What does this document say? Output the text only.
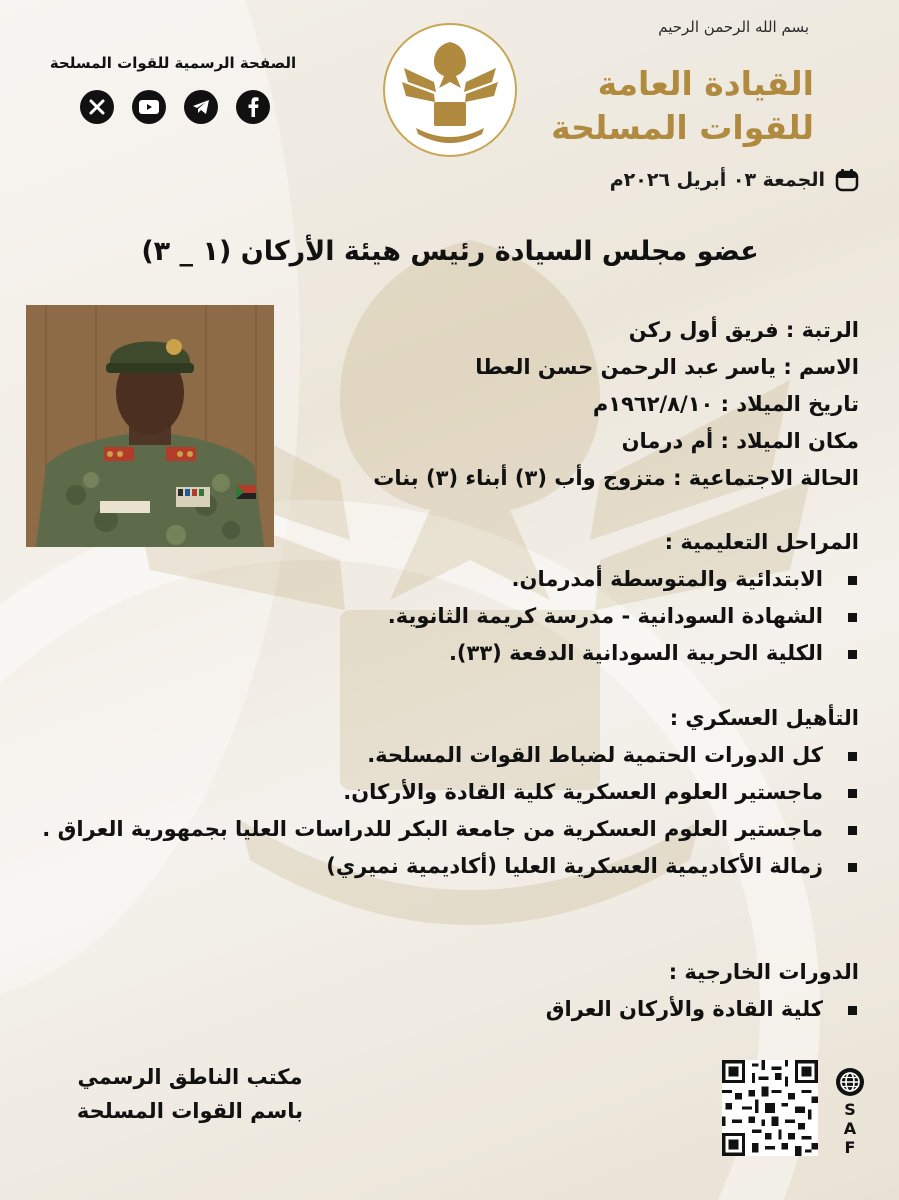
الصفحة الرسمية للقوات المسلحة
بسم الله الرحمن الرحيم
القيادة العامة
للقوات المسلحة
الجمعة ٠٣ أبريل ٢٠٢٦م
عضو مجلس السيادة رئيس هيئة الأركان (١ _ ٣)
الرتبة : فريق أول ركن
الاسم : ياسر عبد الرحمن حسن العطا
تاريخ الميلاد : ١٩٦٢/٨/١٠م
مكان الميلاد : أم درمان
الحالة الاجتماعية : متزوج وأب (٣) أبناء (٣) بنات
المراحل التعليمية :
الابتدائية والمتوسطة أمدرمان.
الشهادة السودانية - مدرسة كريمة الثانوية.
الكلية الحربية السودانية الدفعة (٣٣).
التأهيل العسكري :
كل الدورات الحتمية لضباط القوات المسلحة.
ماجستير العلوم العسكرية كلية القادة والأركان.
ماجستير العلوم العسكرية من جامعة البكر للدراسات العليا بجمهورية العراق .
زمالة الأكاديمية العسكرية العليا (أكاديمية نميري)
الدورات الخارجية :
كلية القادة والأركان العراق
مكتب الناطق الرسمي
باسم القوات المسلحة	S
A
F
